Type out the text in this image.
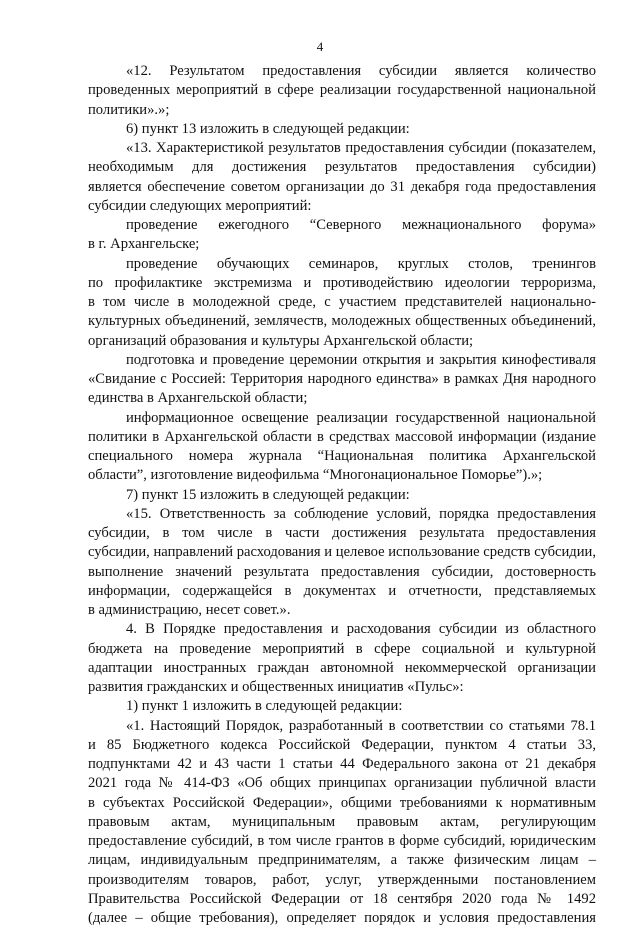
4
«12. Результатом предоставления субсидии является количество
проведенных мероприятий в сфере реализации государственной национальной
политики».»;
6) пункт 13 изложить в следующей редакции:
«13. Характеристикой результатов предоставления субсидии (показателем,
необходимым для достижения результатов предоставления субсидии)
является обеспечение советом организации до 31 декабря года предоставления
субсидии следующих мероприятий:
проведение ежегодного “Северного межнационального форума»
в г. Архангельске;
проведение обучающих семинаров, круглых столов, тренингов
по профилактике экстремизма и противодействию идеологии терроризма,
в том числе в молодежной среде, с участием представителей национально-
культурных объединений, землячеств, молодежных общественных объединений,
организаций образования и культуры Архангельской области;
подготовка и проведение церемонии открытия и закрытия кинофестиваля
«Свидание с Россией: Территория народного единства» в рамках Дня народного
единства в Архангельской области;
информационное освещение реализации государственной национальной
политики в Архангельской области в средствах массовой информации (издание
специального номера журнала “Национальная политика Архангельской
области”, изготовление видеофильма “Многонациональное Поморье”).»;
7) пункт 15 изложить в следующей редакции:
«15. Ответственность за соблюдение условий, порядка предоставления
субсидии, в том числе в части достижения результата предоставления
субсидии, направлений расходования и целевое использование средств субсидии,
выполнение значений результата предоставления субсидии, достоверность
информации, содержащейся в документах и отчетности, представляемых
в администрацию, несет совет.».
4. В Порядке предоставления и расходования субсидии из областного
бюджета на проведение мероприятий в сфере социальной и культурной
адаптации иностранных граждан автономной некоммерческой организации
развития гражданских и общественных инициатив «Пульс»:
1) пункт 1 изложить в следующей редакции:
«1. Настоящий Порядок, разработанный в соответствии со статьями 78.1
и 85 Бюджетного кодекса Российской Федерации, пунктом 4 статьи 33,
подпунктами 42 и 43 части 1 статьи 44 Федерального закона от 21 декабря
2021 года № 414-ФЗ «Об общих принципах организации публичной власти
в субъектах Российской Федерации», общими требованиями к нормативным
правовым актам, муниципальным правовым актам, регулирующим
предоставление субсидий, в том числе грантов в форме субсидий, юридическим
лицам, индивидуальным предпринимателям, а также физическим лицам –
производителям товаров, работ, услуг, утвержденными постановлением
Правительства Российской Федерации от 18 сентября 2020 года № 1492
(далее – общие требования), определяет порядок и условия предоставления
